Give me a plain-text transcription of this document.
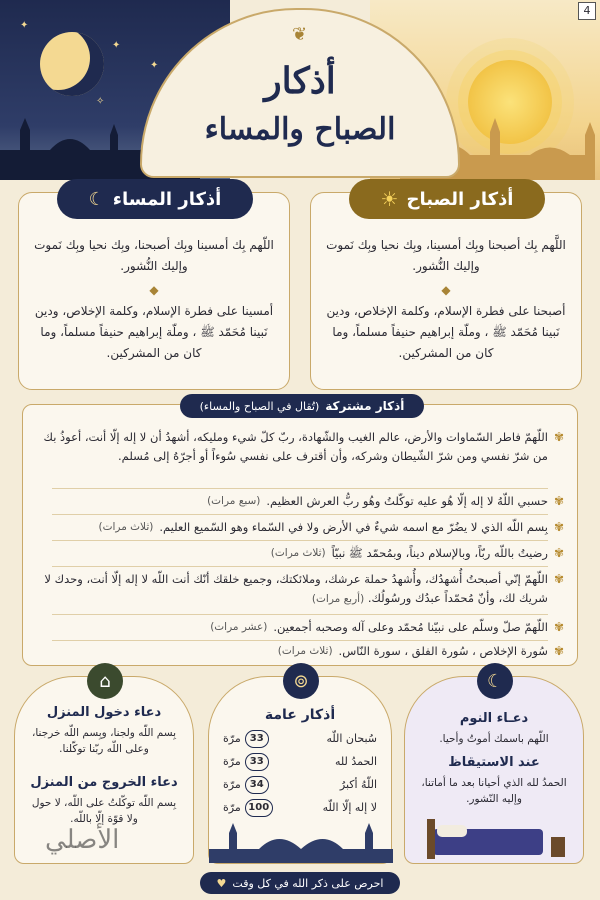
✦
✦
✦
✧
4
❦
أذكار
الصباح والمساء
أذكار الصباح
☀
اللَّهم بِك أصبحنا وبِك أمسينا، وبِك نحيا وبِك نَموت وإليك النُّشور.
◆
أصبحنا على فطرة الإسلام، وكلمة الإخلاص، ودين نَبينا مُحَمّد ﷺ ، وملّة إبراهيم حنيفاً مسلماً، وما كان من المشركين.
أذكار المساء
☾
اللّهم بِك أمسينا وبِك أصبحنا، وبِك نحيا وبِك نَموت وإليك النُّشور.
◆
أمسينا على فطرة الإسلام، وكلمة الإخلاص، ودين نَبينا مُحَمّد ﷺ ، وملّة إبراهيم حنيفاً مسلماً، وما كان من المشركين.
أذكار مشتركة
(تُقال في الصباح والمساء)
✾
اللّهمّ فاطر السّماوات والأرض، عالم الغيب والشّهادة، ربّ كلّ شيء ومليكه، أشهدُ أن لا إله إلّا أنت، أعوذُ بك من شرّ نفسي ومن شرّ الشّيطان وشركه، وأن أقترف على نفسي سُوءاً أو أجرّهُ إلى مُسلم.
✾
حسبي اللّهُ لا إله إلّا هُو عليه توكّلتُ وهُو ربُّ العرش العظيم.
(سبع مرات)
✾
بِسم اللّه الذي لا يضُرّ مع اسمه شيءٌ في الأرض ولا في السّماء وهو السّميع العليم.
(ثلاث مرات)
✾
رضيتُ باللّه ربّاً، وبالإسلام ديناً، وبمُحمّد ﷺ نبيّاً
(ثلاث مرات)
✾
اللّهمّ إنّي أصبحتُ أُشهدُك، وأُشهدُ حملة عرشك، وملائكتك، وجميع خلقك أنّك أنت اللّه لا إله إلّا أنت، وحدك لا شريك لك، وأنّ مُحمّداً عبدُك ورسُولُك. (أربع مرات)
✾
اللّهمّ صلّ وسلّم على نبيّنا مُحمّد وعلى آله وصحبه أجمعين.
(عشر مرات)
✾
سُورة الإخلاص ، سُورة الفلق ، سورة النّاس.
(ثلاث مرات)
⌂
دعاء دخول المنزل
بِسم اللّه ولجنا، وبِسم اللّه خرجنا، وعلى اللّه ربّنا توكّلنا.
دعاء الخروج من المنزل
بِسم اللّه توكّلتُ على اللّه، لا حول ولا قوّة إلّا باللّه.
الأصلي
⊚
أذكار عامة
سُبحان اللّه
33
مرّة
الحمدُ لله
33
مرّة
اللّهُ أكبرُ
34
مرّة
لا إله إلّا اللّه
100
مرّة
☾
دعـاء النوم
اللّهم باسمك أموتُ وأحيا.
عند الاستيقاظ
الحمدُ لله الذي أحيانا بعد ما أماتنا، وإليه النّشور.
احرص على ذكر الله في كل وقت
♥
